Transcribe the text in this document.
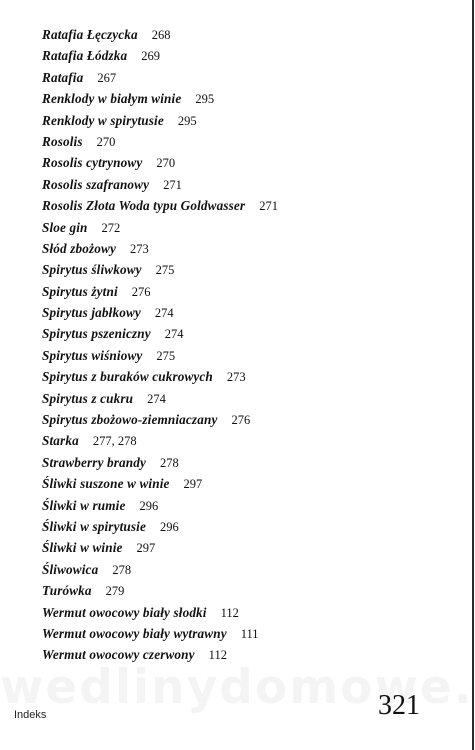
Ratafia Łęczycka 268
Ratafia Łódzka 269
Ratafia 267
Renklody w białym winie 295
Renklody w spirytusie 295
Rosolis 270
Rosolis cytrynowy 270
Rosolis szafranowy 271
Rosolis Złota Woda typu Goldwasser 271
Sloe gin 272
Słód zbożowy 273
Spirytus śliwkowy 275
Spirytus żytni 276
Spirytus jabłkowy 274
Spirytus pszeniczny 274
Spirytus wiśniowy 275
Spirytus z buraków cukrowych 273
Spirytus z cukru 274
Spirytus zbożowo-ziemniaczany 276
Starka 277, 278
Strawberry brandy 278
Śliwki suszone w winie 297
Śliwki w rumie 296
Śliwki w spirytusie 296
Śliwki w winie 297
Śliwowica 278
Turówka 279
Wermut owocowy biały słodki 112
Wermut owocowy biały wytrawny 111
Wermut owocowy czerwony 112
Indeks	321
